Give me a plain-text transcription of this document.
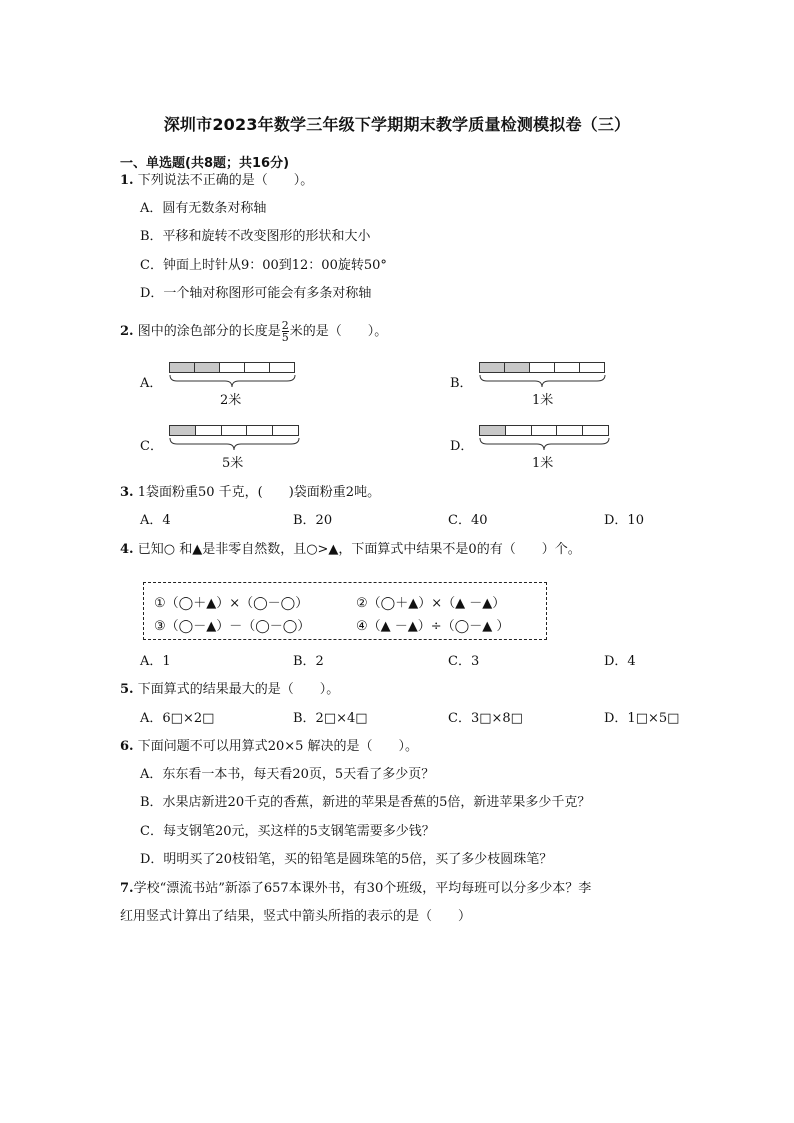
深圳市2023年数学三年级下学期期末教学质量检测模拟卷（三）
一、单选题(共8题；共16分)
1. 下列说法不正确的是（　　）。
A．圆有无数条对称轴
B．平移和旋转不改变图形的形状和大小
C．钟面上时针从9：00到12：00旋转50°
D．一个轴对称图形可能会有多条对称轴
2. 图中的涂色部分的长度是 $\frac{2}{5}$ 米的是（　　）。
A．
2米
B．
1米
C．
5米
D．
1米
3. 1袋面粉重50 千克，(　　)袋面粉重2吨。
A．4	B．20	C．40	D．10
4. 已知○ 和▲是非零自然数，且○>▲，下面算式中结果不是0的有（　　）个。
①（◯＋▲）×（◯－◯）	②（◯＋▲）×（▲ －▲）
③（◯－▲）－（◯－◯）	④（▲ －▲）÷（◯－▲ ）
A．1	B．2	C．3	D．4
5. 下面算式的结果最大的是（　　）。
A．6□×2□	B．2□×4□	C．3□×8□	D．1□×5□
6. 下面问题不可以用算式20×5 解决的是（　　）。
A．东东看一本书，每天看20页，5天看了多少页？
B．水果店新进20千克的香蕉，新进的苹果是香蕉的5倍，新进苹果多少千克？
C．每支钢笔20元，买这样的5支钢笔需要多少钱？
D．明明买了20枝铅笔，买的铅笔是圆珠笔的5倍，买了多少枝圆珠笔？
7.学校“漂流书站”新添了657本课外书，有30个班级，平均每班可以分多少本？李
红用竖式计算出了结果，竖式中箭头所指的表示的是（　　）
